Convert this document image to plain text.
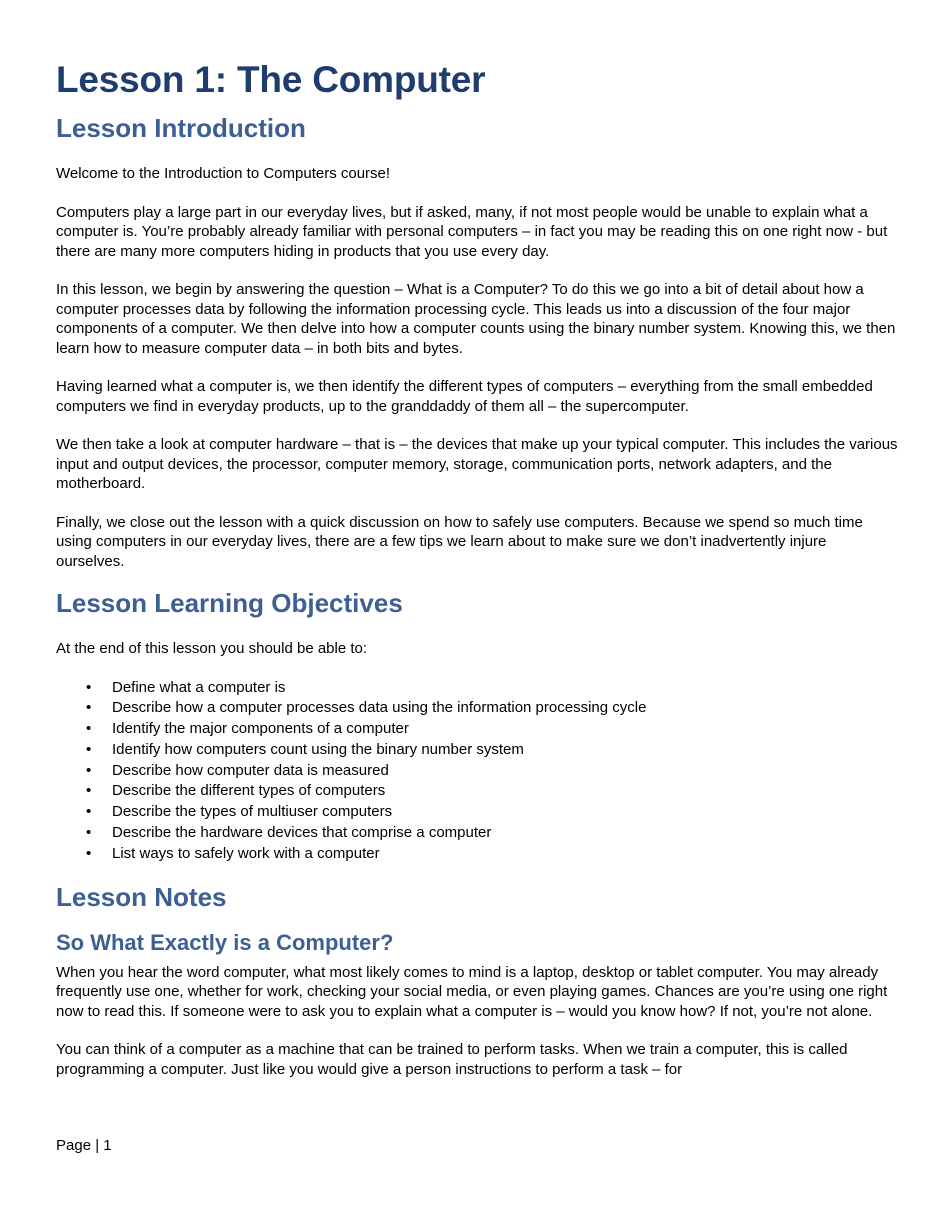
Lesson 1: The Computer
Lesson Introduction

Welcome to the Introduction to Computers course!

Computers play a large part in our everyday lives, but if asked, many, if not most people would be unable to explain what a computer is. You’re probably already familiar with personal computers – in fact you may be reading this on one right now - but there are many more computers hiding in products that you use every day.

In this lesson, we begin by answering the question – What is a Computer? To do this we go into a bit of detail about how a computer processes data by following the information processing cycle. This leads us into a discussion of the four major components of a computer. We then delve into how a computer counts using the binary number system. Knowing this, we then learn how to measure computer data – in both bits and bytes.

Having learned what a computer is, we then identify the different types of computers – everything from the small embedded computers we find in everyday products, up to the granddaddy of them all – the supercomputer.

We then take a look at computer hardware – that is – the devices that make up your typical computer. This includes the various input and output devices, the processor, computer memory, storage, communication ports, network adapters, and the motherboard.

Finally, we close out the lesson with a quick discussion on how to safely use computers. Because we spend so much time using computers in our everyday lives, there are a few tips we learn about to make sure we don’t inadvertently injure ourselves.

Lesson Learning Objectives

At the end of this lesson you should be able to:

• Define what a computer is
• Describe how a computer processes data using the information processing cycle
• Identify the major components of a computer
• Identify how computers count using the binary number system
• Describe how computer data is measured
• Describe the different types of computers
• Describe the types of multiuser computers
• Describe the hardware devices that comprise a computer
• List ways to safely work with a computer
Lesson Notes
So What Exactly is a Computer?

When you hear the word computer, what most likely comes to mind is a laptop, desktop or tablet computer. You may already frequently use one, whether for work, checking your social media, or even playing games. Chances are you’re using one right now to read this. If someone were to ask you to explain what a computer is – would you know how? If not, you’re not alone.

You can think of a computer as a machine that can be trained to perform tasks. When we train a computer, this is called programming a computer. Just like you would give a person instructions to perform a task – for

Page | 1
